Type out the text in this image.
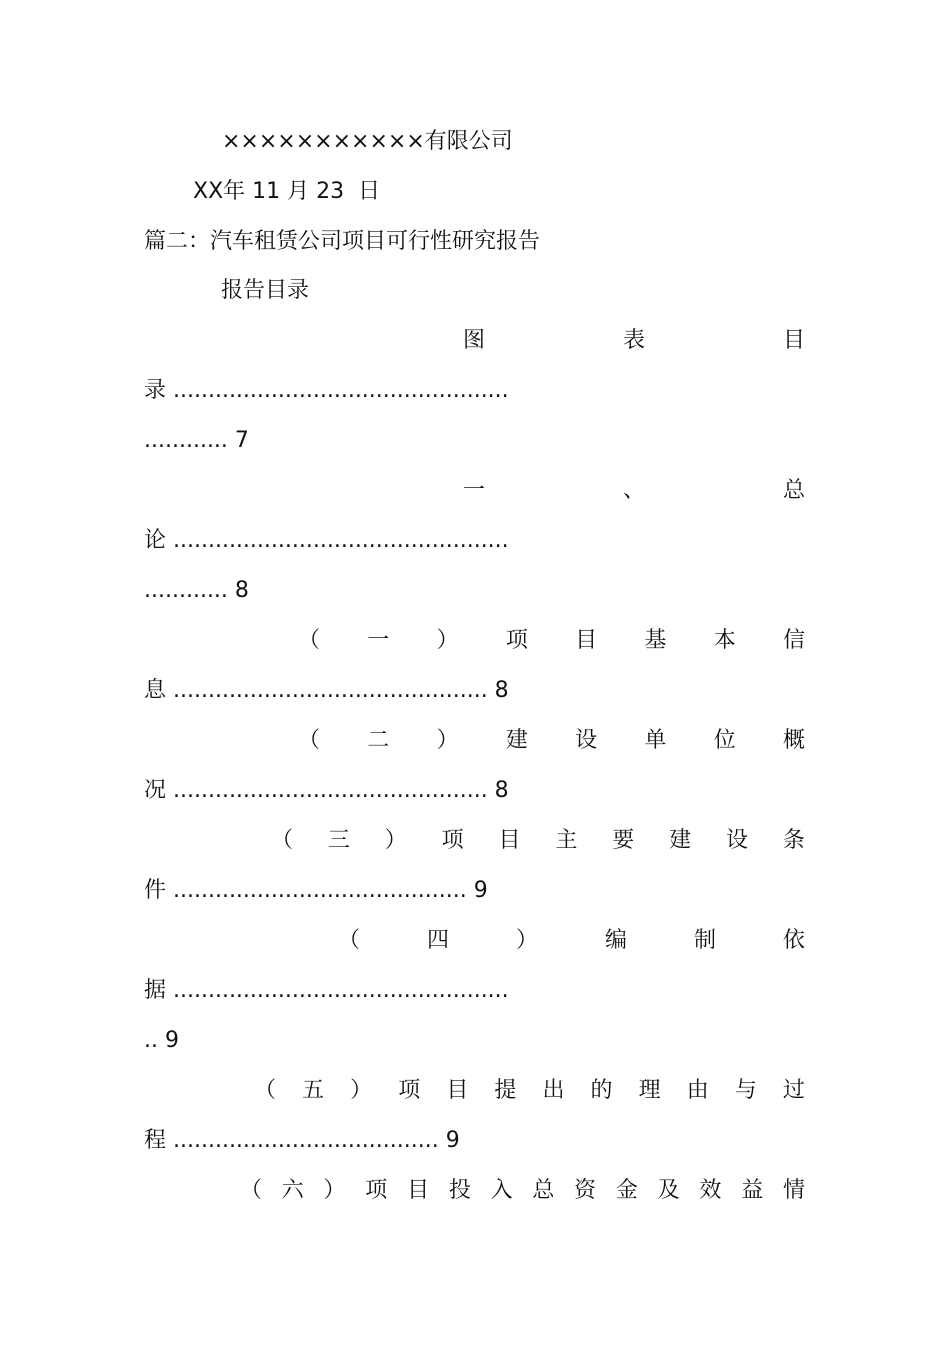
×××××××××××有限公司
XX年 11 月 23  日
篇二：汽车租赁公司项目可行性研究报告
报告目录
图	表	目
录 ................................................
............ 7
一	、	总
论 ................................................
............ 8
（ 一 ） 项 目 基 本 信
息 ............................................. 8
（ 二 ） 建 设 单 位 概
况 ............................................. 8
（ 三 ） 项 目 主 要 建 设 条
件 .......................................... 9
（	四	）	编	制	依
据 ................................................
.. 9
（ 五 ） 项 目 提 出 的 理 由 与 过
程 ...................................... 9
（ 六 ） 项 目 投 入 总 资 金 及 效 益 情
